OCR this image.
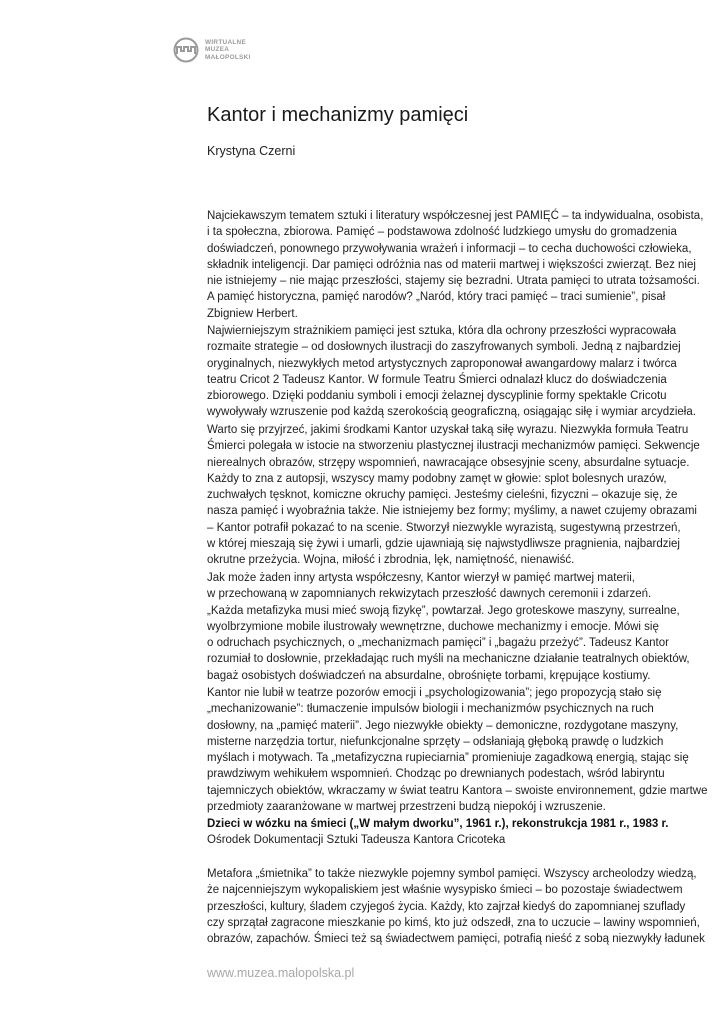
WIRTUALNE
MUZEA
MAŁOPOLSKI
Kantor i mechanizmy pamięci
Krystyna Czerni
Najciekawszym tematem sztuki i literatury współczesnej jest PAMIĘĆ – ta indywidualna, osobista,
i ta społeczna, zbiorowa. Pamięć – podstawowa zdolność ludzkiego umysłu do gromadzenia
doświadczeń, ponownego przywoływania wrażeń i informacji – to cecha duchowości człowieka,
składnik inteligencji. Dar pamięci odróżnia nas od materii martwej i większości zwierząt. Bez niej
nie istniejemy – nie mając przeszłości, stajemy się bezradni. Utrata pamięci to utrata tożsamości.
A pamięć historyczna, pamięć narodów? „Naród, który traci pamięć – traci sumienie”, pisał
Zbigniew Herbert.
Najwierniejszym strażnikiem pamięci jest sztuka, która dla ochrony przeszłości wypracowała
rozmaite strategie – od dosłownych ilustracji do zaszyfrowanych symboli. Jedną z najbardziej
oryginalnych, niezwykłych metod artystycznych zaproponował awangardowy malarz i twórca
teatru Cricot 2 Tadeusz Kantor. W formule Teatru Śmierci odnalazł klucz do doświadczenia
zbiorowego. Dzięki poddaniu symboli i emocji żelaznej dyscyplinie formy spektakle Cricotu
wywoływały wzruszenie pod każdą szerokością geograficzną, osiągając siłę i wymiar arcydzieła.
Warto się przyjrzeć, jakimi środkami Kantor uzyskał taką siłę wyrazu. Niezwykła formuła Teatru
Śmierci polegała w istocie na stworzeniu plastycznej ilustracji mechanizmów pamięci. Sekwencje
nierealnych obrazów, strzępy wspomnień, nawracające obsesyjnie sceny, absurdalne sytuacje.
Każdy to zna z autopsji, wszyscy mamy podobny zamęt w głowie: splot bolesnych urazów,
zuchwałych tęsknot, komiczne okruchy pamięci. Jesteśmy cieleśni, fizyczni – okazuje się, że
nasza pamięć i wyobraźnia także. Nie istniejemy bez formy; myślimy, a nawet czujemy obrazami
– Kantor potrafił pokazać to na scenie. Stworzył niezwykle wyrazistą, sugestywną przestrzeń,
w której mieszają się żywi i umarli, gdzie ujawniają się najwstydliwsze pragnienia, najbardziej
okrutne przeżycia. Wojna, miłość i zbrodnia, lęk, namiętność, nienawiść.
Jak może żaden inny artysta współczesny, Kantor wierzył w pamięć martwej materii,
w przechowaną w zapomnianych rekwizytach przeszłość dawnych ceremonii i zdarzeń.
„Każda metafizyka musi mieć swoją fizykę”, powtarzał. Jego groteskowe maszyny, surrealne,
wyolbrzymione mobile ilustrowały wewnętrzne, duchowe mechanizmy i emocje. Mówi się
o odruchach psychicznych, o „mechanizmach pamięci” i „bagażu przeżyć”. Tadeusz Kantor
rozumiał to dosłownie, przekładając ruch myśli na mechaniczne działanie teatralnych obiektów,
bagaż osobistych doświadczeń na absurdalne, obrośnięte torbami, krępujące kostiumy.
Kantor nie lubił w teatrze pozorów emocji i „psychologizowania”; jego propozycją stało się
„mechanizowanie”: tłumaczenie impulsów biologii i mechanizmów psychicznych na ruch
dosłowny, na „pamięć materii”. Jego niezwykłe obiekty – demoniczne, rozdygotane maszyny,
misterne narzędzia tortur, niefunkcjonalne sprzęty – odsłaniają głęboką prawdę o ludzkich
myślach i motywach. Ta „metafizyczna rupieciarnia” promieniuje zagadkową energią, stając się
prawdziwym wehikułem wspomnień. Chodząc po drewnianych podestach, wśród labiryntu
tajemniczych obiektów, wkraczamy w świat teatru Kantora – swoiste environnement, gdzie martwe
przedmioty zaaranżowane w martwej przestrzeni budzą niepokój i wzruszenie.
Dzieci w wózku na śmieci („W małym dworku”, 1961 r.), rekonstrukcja 1981 r., 1983 r.
Ośrodek Dokumentacji Sztuki Tadeusza Kantora Cricoteka
Metafora „śmietnika” to także niezwykle pojemny symbol pamięci. Wszyscy archeolodzy wiedzą,
że najcenniejszym wykopaliskiem jest właśnie wysypisko śmieci – bo pozostaje świadectwem
przeszłości, kultury, śladem czyjegoś życia. Każdy, kto zajrzał kiedyś do zapomnianej szuflady
czy sprzątał zagracone mieszkanie po kimś, kto już odszedł, zna to uczucie – lawiny wspomnień,
obrazów, zapachów. Śmieci też są świadectwem pamięci, potrafią nieść z sobą niezwykły ładunek
www.muzea.malopolska.pl
